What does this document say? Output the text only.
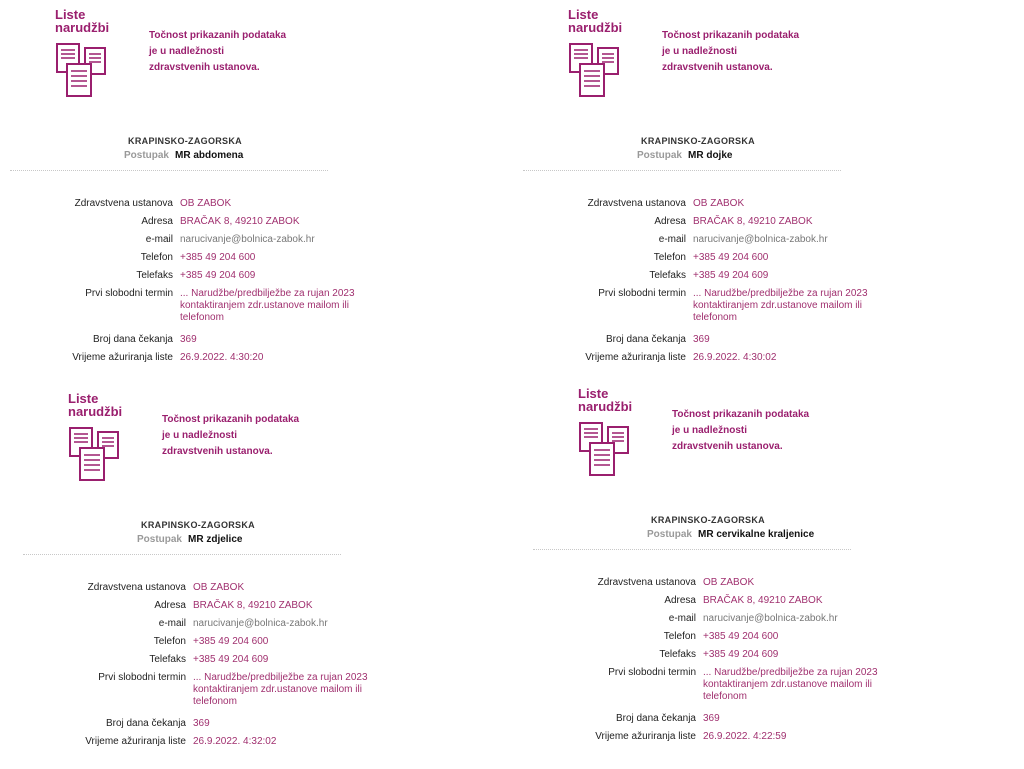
Liste
narudžbi
Točnost prikazanih podataka
je u nadležnosti
zdravstvenih ustanova.
KRAPINSKO-ZAGORSKA
Postupak MR abdomena
Zdravstvena ustanova OB ZABOK
Adresa BRAČAK 8, 49210 ZABOK
e-mail narucivanje@bolnica-zabok.hr
Telefon +385 49 204 600
Telefaks +385 49 204 609
Prvi slobodni termin ... Narudžbe/predbilježbe za rujan 2023 kontaktiranjem zdr.ustanove mailom ili telefonom
Broj dana čekanja 369
Vrijeme ažuriranja liste 26.9.2022. 4:30:20
Liste
narudžbi
Točnost prikazanih podataka
je u nadležnosti
zdravstvenih ustanova.
KRAPINSKO-ZAGORSKA
Postupak MR dojke
Zdravstvena ustanova OB ZABOK
Adresa BRAČAK 8, 49210 ZABOK
e-mail narucivanje@bolnica-zabok.hr
Telefon +385 49 204 600
Telefaks +385 49 204 609
Prvi slobodni termin ... Narudžbe/predbilježbe za rujan 2023 kontaktiranjem zdr.ustanove mailom ili telefonom
Broj dana čekanja 369
Vrijeme ažuriranja liste 26.9.2022. 4:30:02
Liste
narudžbi
Točnost prikazanih podataka
je u nadležnosti
zdravstvenih ustanova.
KRAPINSKO-ZAGORSKA
Postupak MR zdjelice
Zdravstvena ustanova OB ZABOK
Adresa BRAČAK 8, 49210 ZABOK
e-mail narucivanje@bolnica-zabok.hr
Telefon +385 49 204 600
Telefaks +385 49 204 609
Prvi slobodni termin ... Narudžbe/predbilježbe za rujan 2023 kontaktiranjem zdr.ustanove mailom ili telefonom
Broj dana čekanja 369
Vrijeme ažuriranja liste 26.9.2022. 4:32:02
Liste
narudžbi
Točnost prikazanih podataka
je u nadležnosti
zdravstvenih ustanova.
KRAPINSKO-ZAGORSKA
Postupak MR cervikalne kraljenice
Zdravstvena ustanova OB ZABOK
Adresa BRAČAK 8, 49210 ZABOK
e-mail narucivanje@bolnica-zabok.hr
Telefon +385 49 204 600
Telefaks +385 49 204 609
Prvi slobodni termin ... Narudžbe/predbilježbe za rujan 2023 kontaktiranjem zdr.ustanove mailom ili telefonom
Broj dana čekanja 369
Vrijeme ažuriranja liste 26.9.2022. 4:22:59
